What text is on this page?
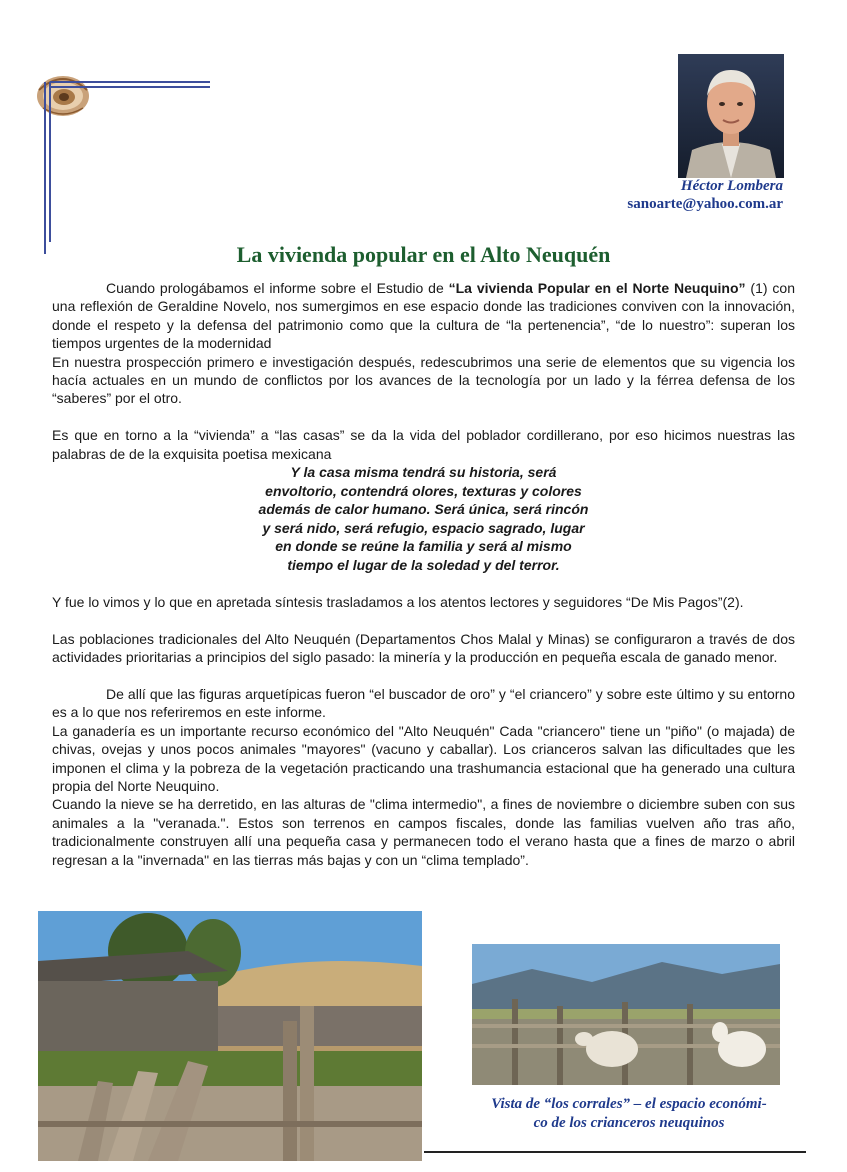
Héctor Lombera
sanoarte@yahoo.com.ar
La vivienda popular en el Alto Neuquén

Cuando prologábamos el informe sobre el Estudio de “La vivienda Popular en el Norte Neuquino” (1) con una reflexión de Geraldine Novelo, nos sumergimos en ese espacio donde las tradiciones conviven con la innovación, donde el respeto y la defensa del patrimonio como que la cultura de “la pertenencia”, “de lo nuestro”: superan los tiempos urgentes de la modernidad

En nuestra prospección primero e investigación después, redescubrimos una serie de elementos que su vigencia los hacía actuales en un mundo de conflictos por los avances de la tecnología por un lado y la férrea defensa de los “saberes” por el otro.

Es que en torno a la “vivienda” a “las casas” se da la vida del poblador cordillerano, por eso hicimos nuestras las palabras de de la exquisita poetisa mexicana

Y la casa misma tendrá su historia, será
envoltorio, contendrá olores, texturas y colores
además de calor humano. Será única, será rincón
y será nido, será refugio, espacio sagrado, lugar
en donde se reúne la familia y será al mismo
tiempo el lugar de la soledad y del terror.

Y fue lo vimos y lo que en apretada síntesis trasladamos a los atentos lectores y seguidores “De Mis Pagos”(2).

Las poblaciones tradicionales del Alto Neuquén (Departamentos Chos Malal y Minas) se configuraron a través de dos actividades prioritarias a principios del siglo pasado: la minería y la producción en pequeña escala de ganado menor.

De allí que las figuras arquetípicas fueron “el buscador de oro” y “el criancero” y sobre este último y su entorno es a lo que nos referiremos en este informe.

La ganadería es un importante recurso económico del "Alto Neuquén" Cada "criancero" tiene un "piño" (o majada) de chivas, ovejas y unos pocos animales "mayores" (vacuno y caballar). Los crianceros salvan las dificultades que les imponen el clima y la pobreza de la vegetación practicando una trashumancia estacional que ha generado una cultura propia del Norte Neuquino.

Cuando la nieve se ha derretido, en las alturas de "clima intermedio", a fines de noviembre o diciembre suben con sus animales a la "veranada.". Estos son terrenos en campos fiscales, donde las familias vuelven año tras año, tradicionalmente construyen allí una pequeña casa y permanecen todo el verano hasta que a fines de marzo o abril regresan a la "invernada" en las tierras más bajas y con un “clima templado”.

Vista de “los corrales” – el espacio económi-
co de los crianceros neuquinos
